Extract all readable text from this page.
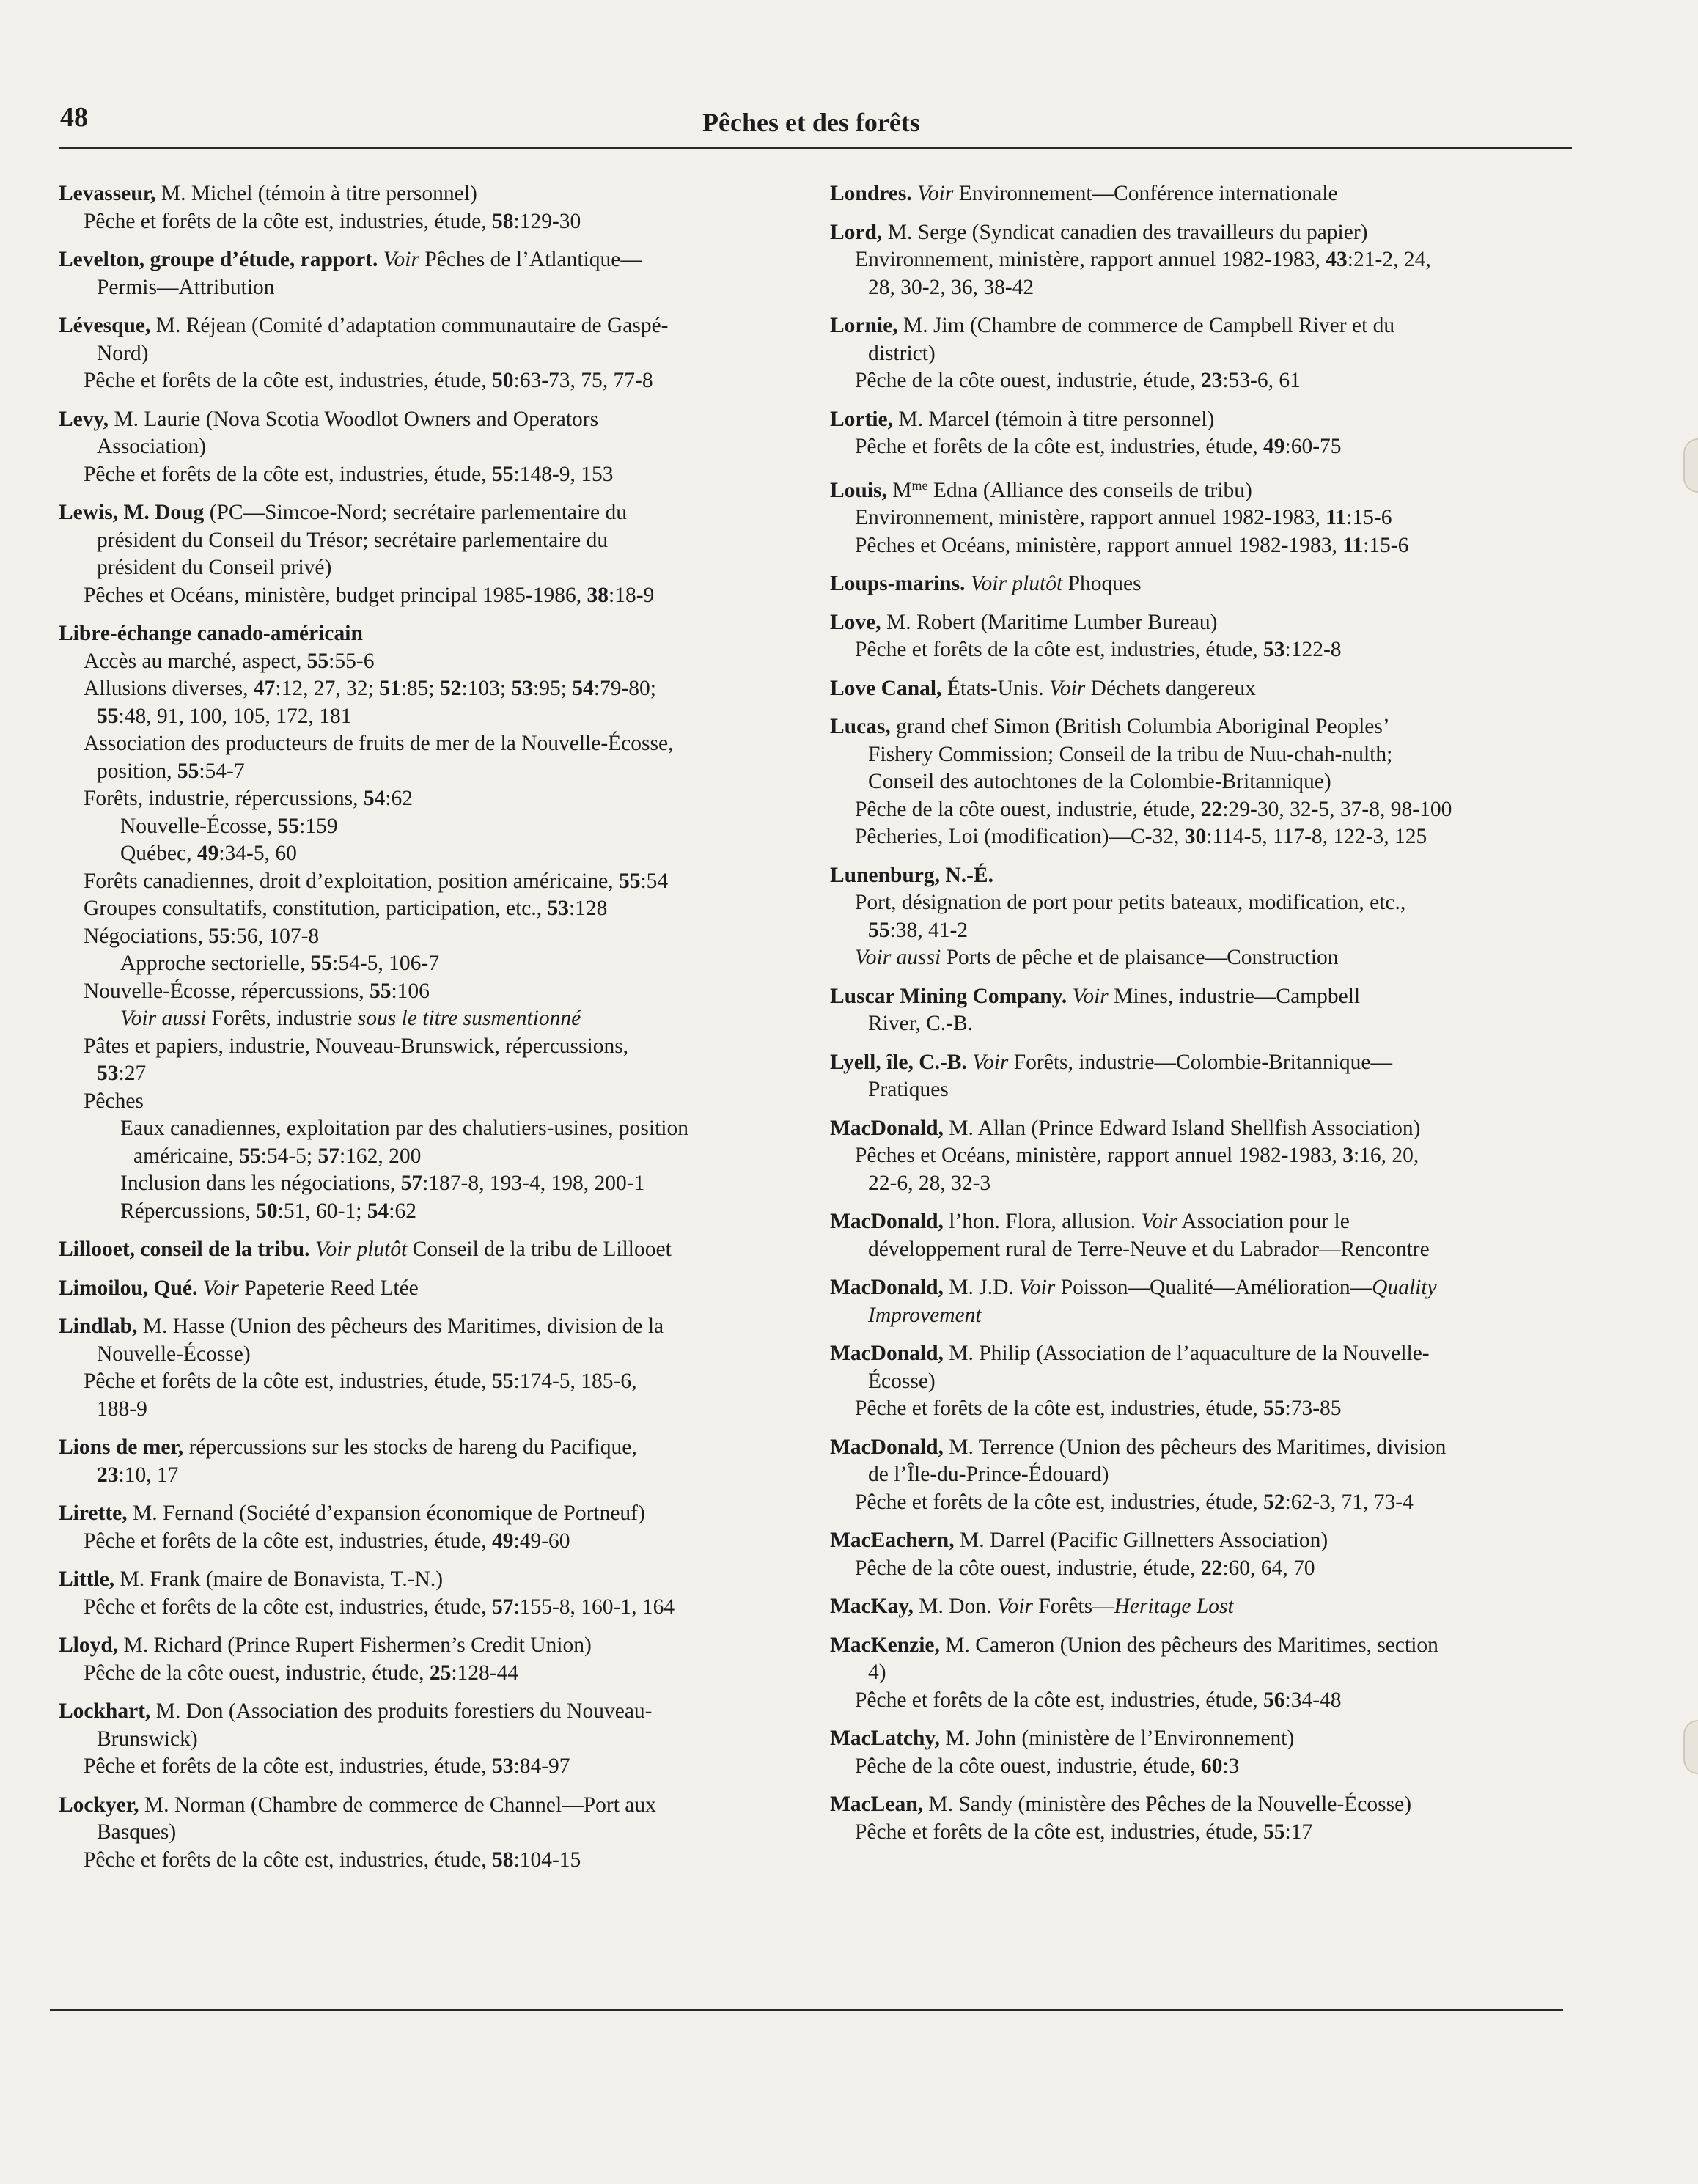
48	Pêches et des forêts
Levasseur, M. Michel (témoin à titre personnel)
Pêche et forêts de la côte est, industries, étude, 58:129-30
Levelton, groupe d’étude, rapport. Voir Pêches de l’Atlantique—
Permis—Attribution
Lévesque, M. Réjean (Comité d’adaptation communautaire de Gaspé-
Nord)
Pêche et forêts de la côte est, industries, étude, 50:63-73, 75, 77-8
Levy, M. Laurie (Nova Scotia Woodlot Owners and Operators
Association)
Pêche et forêts de la côte est, industries, étude, 55:148-9, 153
Lewis, M. Doug (PC—Simcoe-Nord; secrétaire parlementaire du
président du Conseil du Trésor; secrétaire parlementaire du
président du Conseil privé)
Pêches et Océans, ministère, budget principal 1985-1986, 38:18-9
Libre-échange canado-américain
Accès au marché, aspect, 55:55-6
Allusions diverses, 47:12, 27, 32; 51:85; 52:103; 53:95; 54:79-80;
55:48, 91, 100, 105, 172, 181
Association des producteurs de fruits de mer de la Nouvelle-Écosse,
position, 55:54-7
Forêts, industrie, répercussions, 54:62
Nouvelle-Écosse, 55:159
Québec, 49:34-5, 60
Forêts canadiennes, droit d’exploitation, position américaine, 55:54
Groupes consultatifs, constitution, participation, etc., 53:128
Négociations, 55:56, 107-8
Approche sectorielle, 55:54-5, 106-7
Nouvelle-Écosse, répercussions, 55:106
Voir aussi Forêts, industrie sous le titre susmentionné
Pâtes et papiers, industrie, Nouveau-Brunswick, répercussions,
53:27
Pêches
Eaux canadiennes, exploitation par des chalutiers-usines, position
américaine, 55:54-5; 57:162, 200
Inclusion dans les négociations, 57:187-8, 193-4, 198, 200-1
Répercussions, 50:51, 60-1; 54:62
Lillooet, conseil de la tribu. Voir plutôt Conseil de la tribu de Lillooet
Limoilou, Qué. Voir Papeterie Reed Ltée
Lindlab, M. Hasse (Union des pêcheurs des Maritimes, division de la
Nouvelle-Écosse)
Pêche et forêts de la côte est, industries, étude, 55:174-5, 185-6,
188-9
Lions de mer, répercussions sur les stocks de hareng du Pacifique,
23:10, 17
Lirette, M. Fernand (Société d’expansion économique de Portneuf)
Pêche et forêts de la côte est, industries, étude, 49:49-60
Little, M. Frank (maire de Bonavista, T.-N.)
Pêche et forêts de la côte est, industries, étude, 57:155-8, 160-1, 164
Lloyd, M. Richard (Prince Rupert Fishermen’s Credit Union)
Pêche de la côte ouest, industrie, étude, 25:128-44
Lockhart, M. Don (Association des produits forestiers du Nouveau-
Brunswick)
Pêche et forêts de la côte est, industries, étude, 53:84-97
Lockyer, M. Norman (Chambre de commerce de Channel—Port aux
Basques)
Pêche et forêts de la côte est, industries, étude, 58:104-15
Londres. Voir Environnement—Conférence internationale
Lord, M. Serge (Syndicat canadien des travailleurs du papier)
Environnement, ministère, rapport annuel 1982-1983, 43:21-2, 24,
28, 30-2, 36, 38-42
Lornie, M. Jim (Chambre de commerce de Campbell River et du
district)
Pêche de la côte ouest, industrie, étude, 23:53-6, 61
Lortie, M. Marcel (témoin à titre personnel)
Pêche et forêts de la côte est, industries, étude, 49:60-75
Louis, $M^{me}$ Edna (Alliance des conseils de tribu)
Environnement, ministère, rapport annuel 1982-1983, 11:15-6
Pêches et Océans, ministère, rapport annuel 1982-1983, 11:15-6
Loups-marins. Voir plutôt Phoques
Love, M. Robert (Maritime Lumber Bureau)
Pêche et forêts de la côte est, industries, étude, 53:122-8
Love Canal, États-Unis. Voir Déchets dangereux
Lucas, grand chef Simon (British Columbia Aboriginal Peoples’
Fishery Commission; Conseil de la tribu de Nuu-chah-nulth;
Conseil des autochtones de la Colombie-Britannique)
Pêche de la côte ouest, industrie, étude, 22:29-30, 32-5, 37-8, 98-100
Pêcheries, Loi (modification)—C-32, 30:114-5, 117-8, 122-3, 125
Lunenburg, N.-É.
Port, désignation de port pour petits bateaux, modification, etc.,
55:38, 41-2
Voir aussi Ports de pêche et de plaisance—Construction
Luscar Mining Company. Voir Mines, industrie—Campbell
River, C.-B.
Lyell, île, C.-B. Voir Forêts, industrie—Colombie-Britannique—
Pratiques
MacDonald, M. Allan (Prince Edward Island Shellfish Association)
Pêches et Océans, ministère, rapport annuel 1982-1983, 3:16, 20,
22-6, 28, 32-3
MacDonald, l’hon. Flora, allusion. Voir Association pour le
développement rural de Terre-Neuve et du Labrador—Rencontre
MacDonald, M. J.D. Voir Poisson—Qualité—Amélioration—Quality
Improvement
MacDonald, M. Philip (Association de l’aquaculture de la Nouvelle-
Écosse)
Pêche et forêts de la côte est, industries, étude, 55:73-85
MacDonald, M. Terrence (Union des pêcheurs des Maritimes, division
de l’Île-du-Prince-Édouard)
Pêche et forêts de la côte est, industries, étude, 52:62-3, 71, 73-4
MacEachern, M. Darrel (Pacific Gillnetters Association)
Pêche de la côte ouest, industrie, étude, 22:60, 64, 70
MacKay, M. Don. Voir Forêts—Heritage Lost
MacKenzie, M. Cameron (Union des pêcheurs des Maritimes, section
4)
Pêche et forêts de la côte est, industries, étude, 56:34-48
MacLatchy, M. John (ministère de l’Environnement)
Pêche de la côte ouest, industrie, étude, 60:3
MacLean, M. Sandy (ministère des Pêches de la Nouvelle-Écosse)
Pêche et forêts de la côte est, industries, étude, 55:17
